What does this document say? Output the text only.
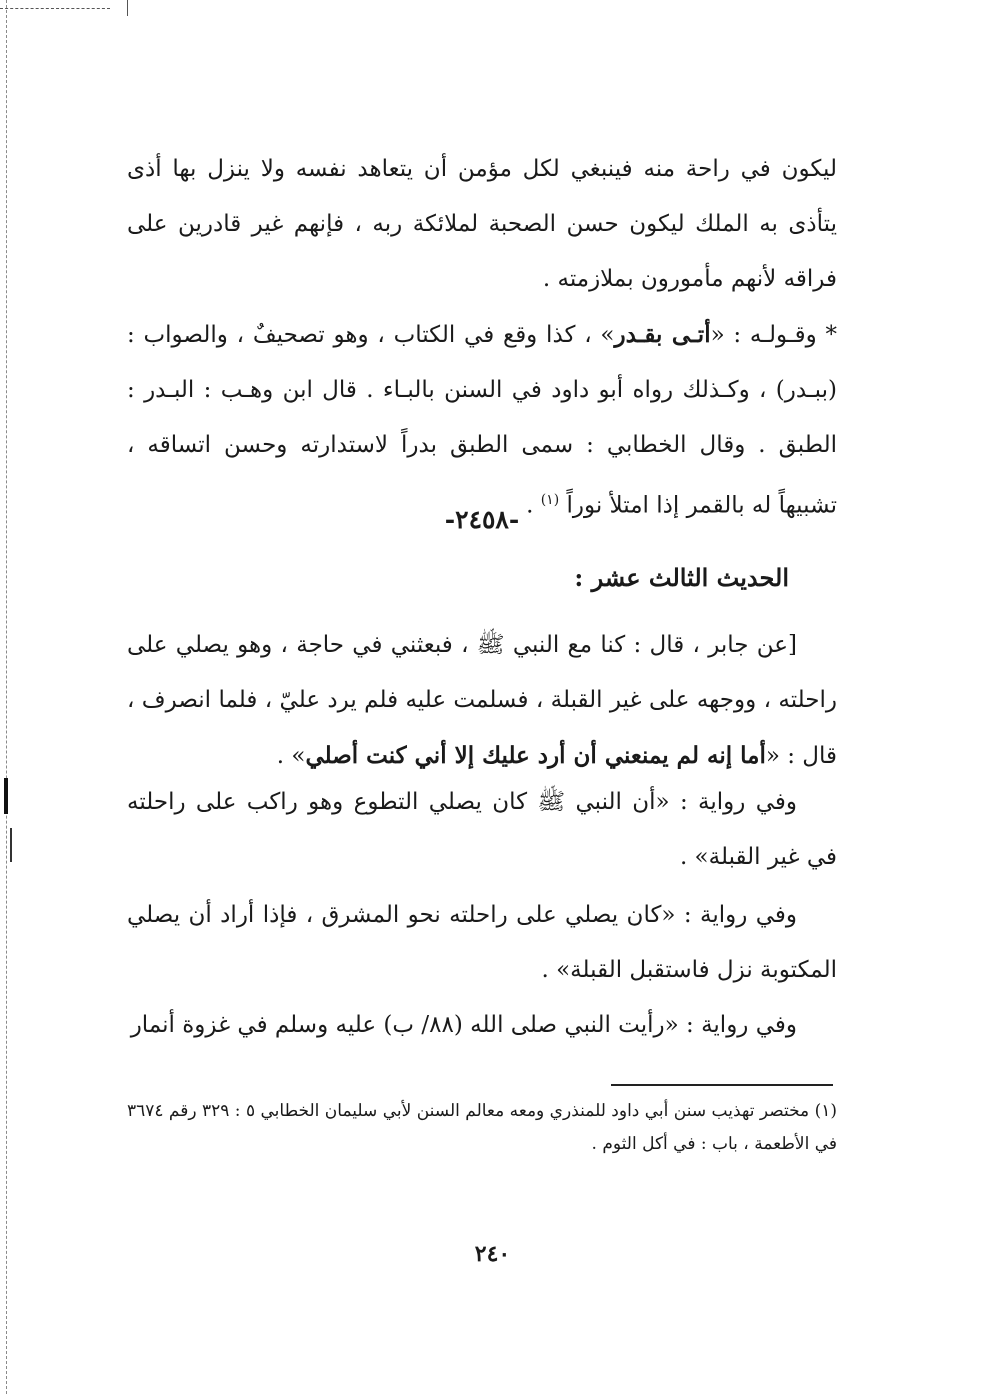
ليكون في راحة منه فينبغي لكل مؤمن أن يتعاهد نفسه ولا ينزل بها أذى يتأذى به الملك ليكون حسن الصحبة لملائكة ربه ، فإنهم غير قادرين على فراقه لأنهم مأمورون بملازمته .

* وقـولـه : «أتـى بقـدر» ، كذا وقع في الكتاب ، وهو تصحيفٌ ، والصواب : (ببـدر) ، وكـذلك رواه أبو داود في السنن بالبـاء . قال ابن وهـب : البـدر : الطبق . وقال الخطابي : سمى الطبق بدراً لاستدارته وحسن اتساقه ، تشبيهاً له بالقمر إذا امتلأ نوراً $^{(١)}$ .

-٢٤٥٨-
الحديث الثالث عشر :

[عن جابر ، قال : كنا مع النبي ﷺ ، فبعثني في حاجة ، وهو يصلي على راحلته ، ووجهه على غير القبلة ، فسلمت عليه فلم يرد عليّ ، فلما انصرف ، قال : «أما إنه لم يمنعني أن أرد عليك إلا أني كنت أصلي» .

وفي رواية : «أن النبي ﷺ كان يصلي التطوع وهو راكب على راحلته في غير القبلة» .

وفي رواية : «كان يصلي على راحلته نحو المشرق ، فإذا أراد أن يصلي المكتوبة نزل فاستقبل القبلة» .

وفي رواية : «رأيت النبي صلى الله (٨٨/ ب) عليه وسلم في غزوة أنمار

(١) مختصر تهذيب سنن أبي داود للمنذري ومعه معالم السنن لأبي سليمان الخطابي ٥ : ٣٢٩ رقم ٣٦٧٤ في الأطعمة ، باب : في أكل الثوم .

٢٤٠
